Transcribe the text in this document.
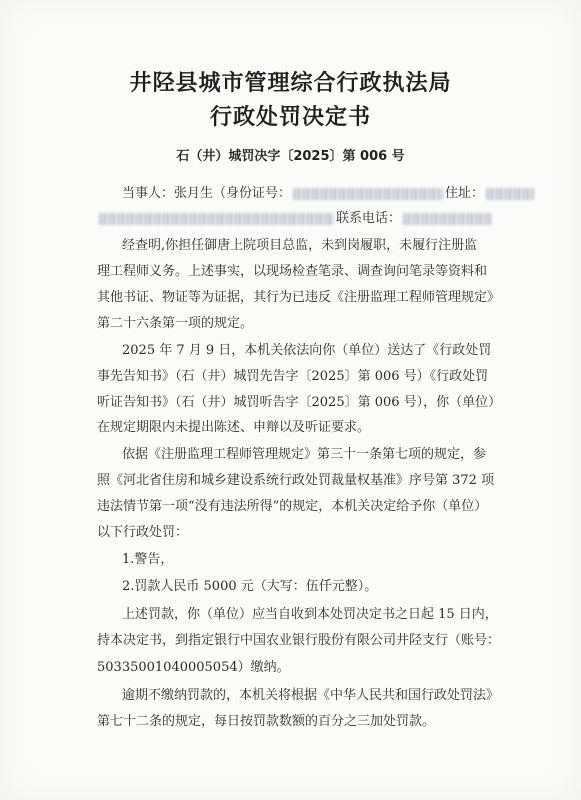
井陉县城市管理综合行政执法局
行政处罚决定书
石（井）城罚决字〔2025〕第 006 号
当事人：张月生（身份证号：	住址：
联系电话：
经查明,你担任御唐上院项目总监，未到岗履职，未履行注册监
理工程师义务。上述事实，以现场检查笔录、调查询问笔录等资料和
其他书证、物证等为证据，其行为已违反《注册监理工程师管理规定》
第二十六条第一项的规定。
2025 年 7 月 9 日，本机关依法向你（单位）送达了《行政处罚
事先告知书》（石（井）城罚先告字〔2025〕第 006 号）《行政处罚
听证告知书》（石（井）城罚听告字〔2025〕第 006 号），你（单位）
在规定期限内未提出陈述、申辩以及听证要求。
依据《注册监理工程师管理规定》第三十一条第七项的规定，参
照《河北省住房和城乡建设系统行政处罚裁量权基准》序号第 372 项
违法情节第一项“没有违法所得”的规定，本机关决定给予你（单位）
以下行政处罚：
1.警告，
2.罚款人民币 5000 元（大写：伍仟元整）。
上述罚款，你（单位）应当自收到本处罚决定书之日起 15 日内，
持本决定书，到指定银行中国农业银行股份有限公司井陉支行（账号：
50335001040005054）缴纳。
逾期不缴纳罚款的，本机关将根据《中华人民共和国行政处罚法》
第七十二条的规定，每日按罚款数额的百分之三加处罚款。
